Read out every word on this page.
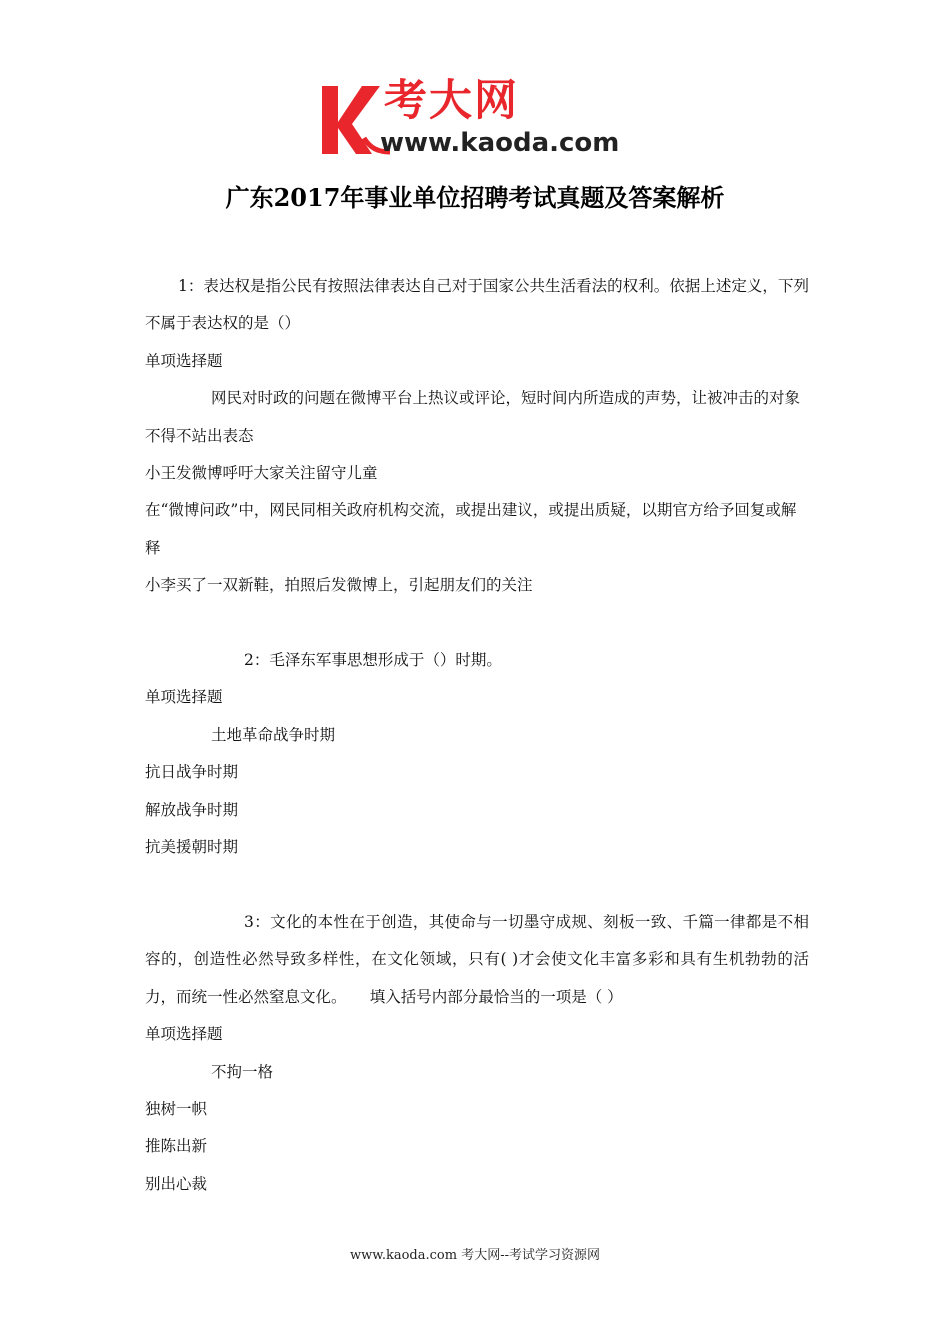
考大网
www.kaoda.com
广东2017年事业单位招聘考试真题及答案解析

1：表达权是指公民有按照法律表达自己对于国家公共生活看法的权利。依据上述定义，下列不属于表达权的是（）

单项选择题

网民对时政的问题在微博平台上热议或评论，短时间内所造成的声势，让被冲击的对象不得不站出表态

小王发微博呼吁大家关注留守儿童

在“微博问政”中，网民同相关政府机构交流，或提出建议，或提出质疑，以期官方给予回复或解释

小李买了一双新鞋，拍照后发微博上，引起朋友们的关注

2：毛泽东军事思想形成于（）时期。

单项选择题

土地革命战争时期

抗日战争时期

解放战争时期

抗美援朝时期

3：文化的本性在于创造，其使命与一切墨守成规、刻板一致、千篇一律都是不相容的，创造性必然导致多样性，在文化领域，只有( )才会使文化丰富多彩和具有生机勃勃的活力，而统一性必然窒息文化。　　填入括号内部分最恰当的一项是（ ）

单项选择题

不拘一格

独树一帜

推陈出新

别出心裁

www.kaoda.com 考大网--考试学习资源网
